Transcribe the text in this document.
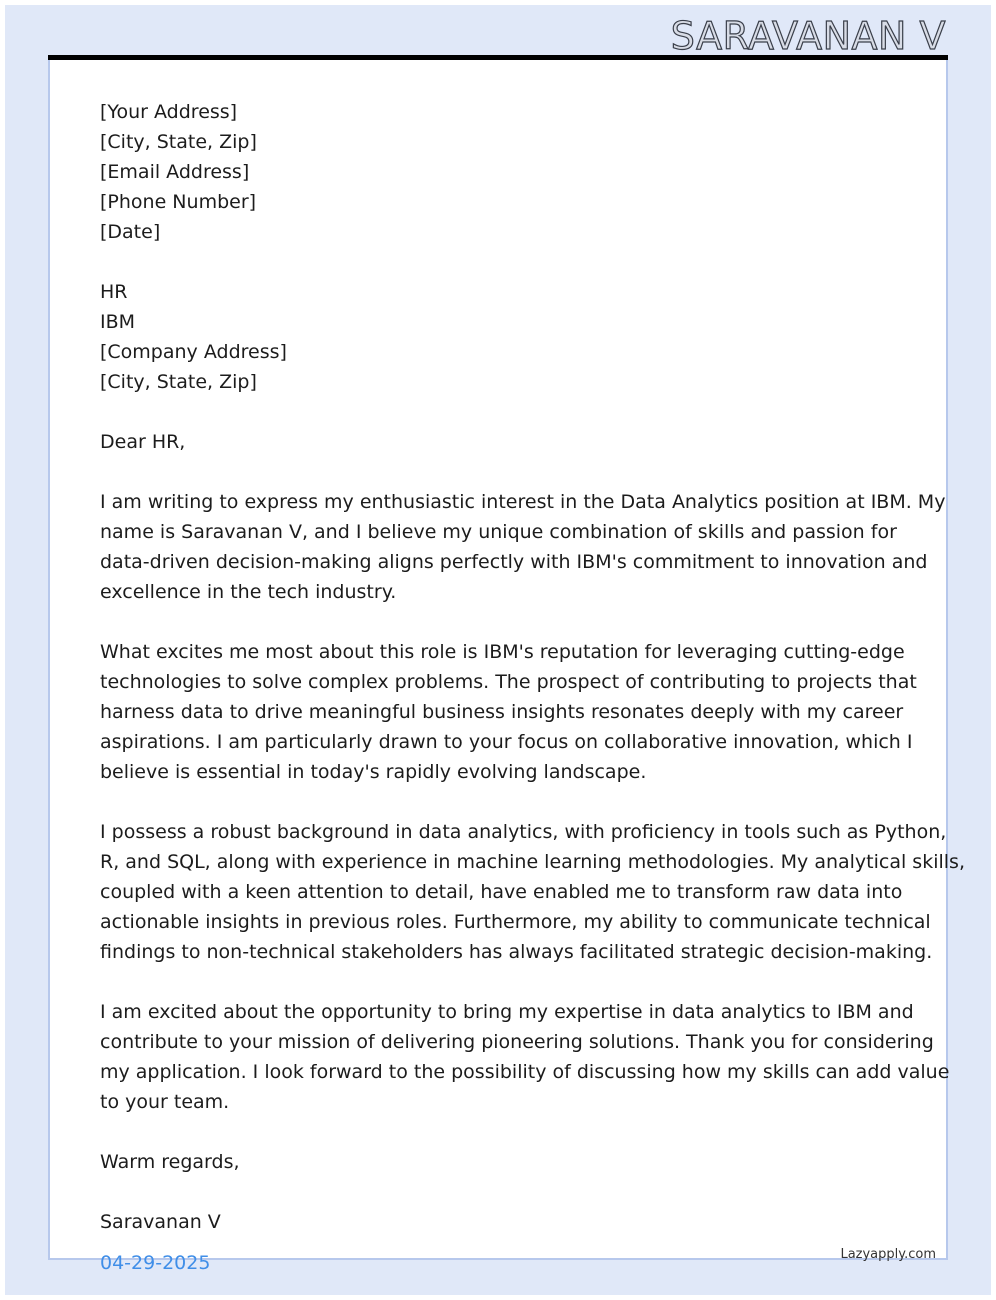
SARAVANAN V
[Your Address]
[City, State, Zip]
[Email Address]
[Phone Number]
[Date]
HR
IBM
[Company Address]
[City, State, Zip]
Dear HR,

I am writing to express my enthusiastic interest in the Data Analytics position at IBM. My
name is Saravanan V, and I believe my unique combination of skills and passion for
data-driven decision-making aligns perfectly with IBM's commitment to innovation and
excellence in the tech industry.

What excites me most about this role is IBM's reputation for leveraging cutting-edge
technologies to solve complex problems. The prospect of contributing to projects that
harness data to drive meaningful business insights resonates deeply with my career
aspirations. I am particularly drawn to your focus on collaborative innovation, which I
believe is essential in today's rapidly evolving landscape.

I possess a robust background in data analytics, with proficiency in tools such as Python,
R, and SQL, along with experience in machine learning methodologies. My analytical skills,
coupled with a keen attention to detail, have enabled me to transform raw data into
actionable insights in previous roles. Furthermore, my ability to communicate technical
findings to non-technical stakeholders has always facilitated strategic decision-making.

I am excited about the opportunity to bring my expertise in data analytics to IBM and
contribute to your mission of delivering pioneering solutions. Thank you for considering
my application. I look forward to the possibility of discussing how my skills can add value
to your team.

Warm regards,
Saravanan V
04-29-2025	Lazyapply.com
